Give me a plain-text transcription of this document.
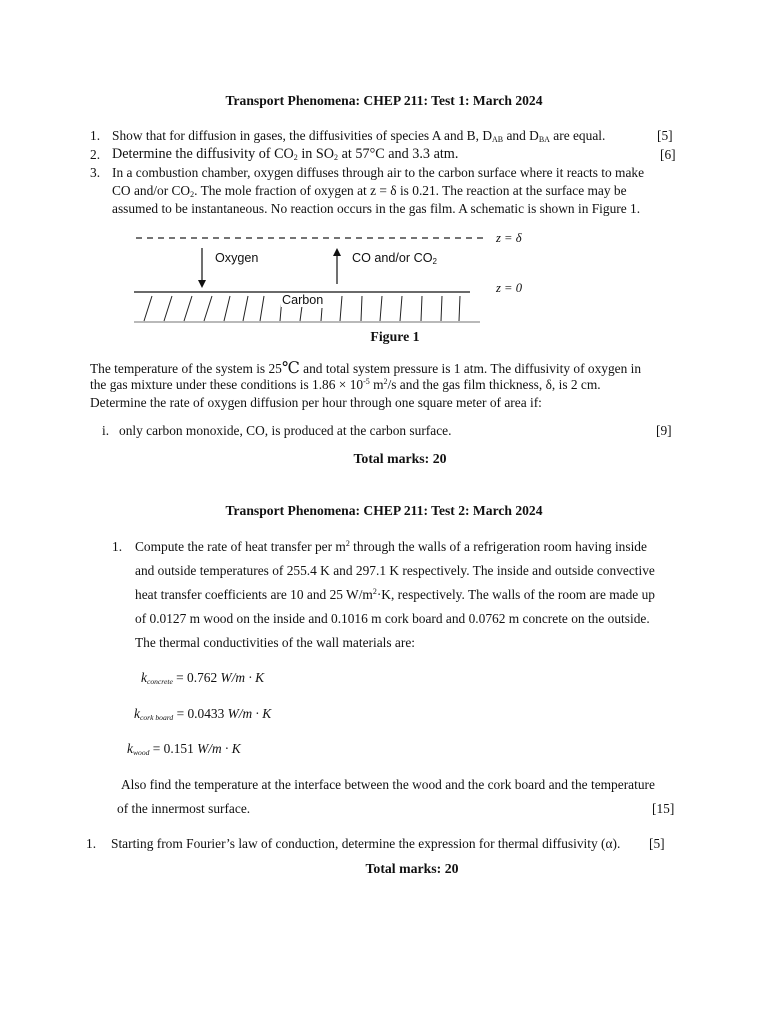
Transport Phenomena: CHEP 211: Test 1: March 2024
1. Show that for diffusion in gases, the diffusivities of species A and B, $D_{AB}$ and $D_{BA}$ are equal.	[5]
2. Determine the diffusivity of $CO_2$ in $SO_2$ at 57°C and 3.3 atm.	[6]
3. In a combustion chamber, oxygen diffuses through air to the carbon surface where it reacts to make
CO and/or $CO_2$. The mole fraction of oxygen at z = δ is 0.21. The reaction at the surface may be
assumed to be instantaneous. No reaction occurs in the gas film. A schematic is shown in Figure 1.
Oxygen	CO and/or $CO_2$
Carbon
z = δ
z = 0
Figure 1
The temperature of the system is 25℃ and total system pressure is 1 atm. The diffusivity of oxygen in
the gas mixture under these conditions is $1.86 \times 10^{-5}$ $m^2/s$ and the gas film thickness, δ, is 2 cm.
Determine the rate of oxygen diffusion per hour through one square meter of area if:
i. only carbon monoxide, CO, is produced at the carbon surface.	[9]
Total marks: 20
Transport Phenomena: CHEP 211: Test 2: March 2024
1. Compute the rate of heat transfer per $m^2$ through the walls of a refrigeration room having inside
and outside temperatures of 255.4 K and 297.1 K respectively. The inside and outside convective
heat transfer coefficients are 10 and 25 $W/m^2\cdot K$, respectively. The walls of the room are made up
of 0.0127 m wood on the inside and 0.1016 m cork board and 0.0762 m concrete on the outside.
The thermal conductivities of the wall materials are:
kconcrete = 0.762 W/m · K
kcork board = 0.0433 W/m · K
kwood = 0.151 W/m · K
Also find the temperature at the interface between the wood and the cork board and the temperature
of the innermost surface.	[15]
1. Starting from Fourier’s law of conduction, determine the expression for thermal diffusivity (α). [5]
Total marks: 20
